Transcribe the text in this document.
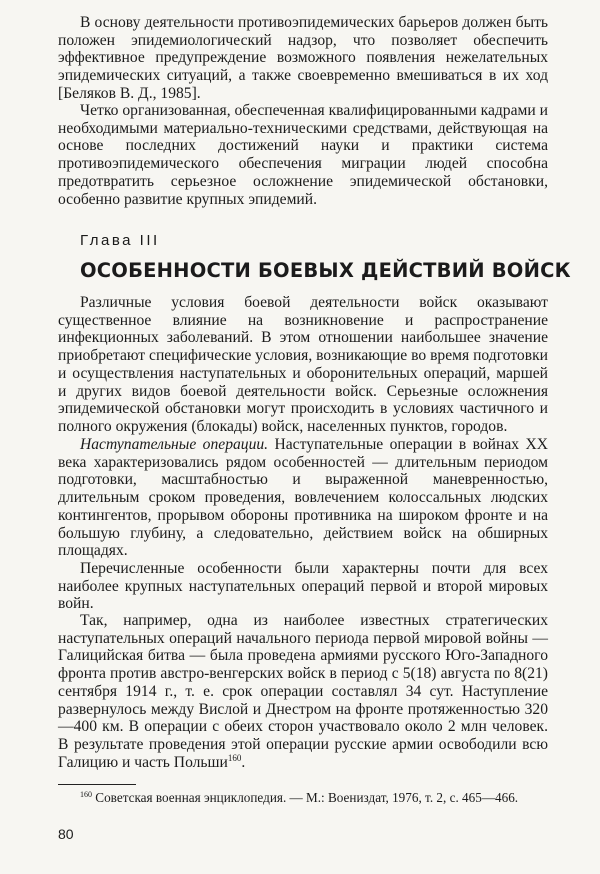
В основу деятельности противоэпидемических барьеров должен быть положен эпидемиологический надзор, что позволяет обеспечить эффективное предупреждение возможного появления нежелательных эпидемических ситуаций, а также своевременно вмешиваться в их ход [Беляков В. Д., 1985].

Четко организованная, обеспеченная квалифицированными кадрами и необходимыми материально-техническими средствами, действующая на основе последних достижений науки и практики система противоэпидемического обеспечения миграции людей способна предотвратить серьезное осложнение эпидемической обстановки, особенно развитие крупных эпидемий.

Глава III

ОСОБЕННОСТИ БОЕВЫХ ДЕЙСТВИЙ ВОЙСК

Различные условия боевой деятельности войск оказывают существенное влияние на возникновение и распространение инфекционных заболеваний. В этом отношении наибольшее значение приобретают специфические условия, возникающие во время подготовки и осуществления наступательных и оборонительных операций, маршей и других видов боевой деятельности войск. Серьезные осложнения эпидемической обстановки могут происходить в условиях частичного и полного окружения (блокады) войск, населенных пунктов, городов.

Наступательные операции. Наступательные операции в войнах XX века характеризовались рядом особенностей — длительным периодом подготовки, масштабностью и выраженной маневренностью, длительным сроком проведения, вовлечением колоссальных людских контингентов, прорывом обороны противника на широком фронте и на большую глубину, а следовательно, действием войск на обширных площадях.

Перечисленные особенности были характерны почти для всех наиболее крупных наступательных операций первой и второй мировых войн.

Так, например, одна из наиболее известных стратегических наступательных операций начального периода первой мировой войны — Галицийская битва — была проведена армиями русского Юго-Западного фронта против австро-венгерских войск в период с 5(18) августа по 8(21) сентября 1914 г., т. е. срок операции составлял 34 сут. Наступление развернулось между Вислой и Днестром на фронте протяженностью 320—400 км. В операции с обеих сторон участвовало около 2 млн человек. В результате проведения этой операции русские армии освободили всю Галицию и часть Польши$^{160}$.

$^{160}$ Советская военная энциклопедия. — М.: Воениздат, 1976, т. 2, с. 465—466.

80
